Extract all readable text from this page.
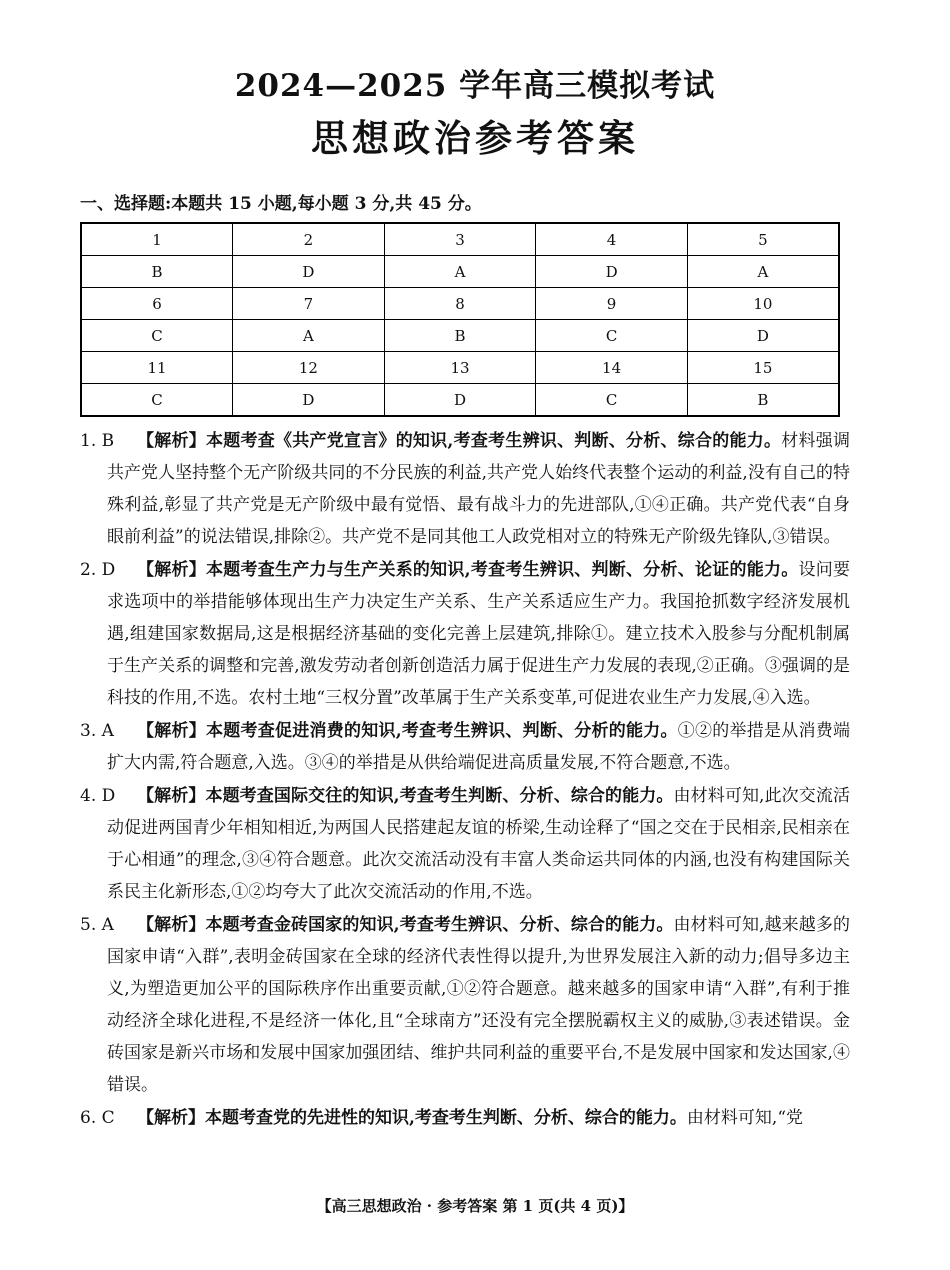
2024—2025 学年高三模拟考试
思想政治参考答案
一、选择题:本题共 15 小题,每小题 3 分,共 45 分。
1	2	3	4	5
B	D	A	D	A
6	7	8	9	10
C	A	B	C	D
11	12	13	14	15
C	D	D	C	B
1. B	【解析】本题考查《共产党宣言》的知识,考查考生辨识、判断、分析、综合的能力。材料强调共产党人坚持整个无产阶级共同的不分民族的利益,共产党人始终代表整个运动的利益,没有自己的特殊利益,彰显了共产党是无产阶级中最有觉悟、最有战斗力的先进部队,①④正确。共产党代表“自身眼前利益”的说法错误,排除②。共产党不是同其他工人政党相对立的特殊无产阶级先锋队,③错误。
2. D	【解析】本题考查生产力与生产关系的知识,考查考生辨识、判断、分析、论证的能力。设问要求选项中的举措能够体现出生产力决定生产关系、生产关系适应生产力。我国抢抓数字经济发展机遇,组建国家数据局,这是根据经济基础的变化完善上层建筑,排除①。建立技术入股参与分配机制属于生产关系的调整和完善,激发劳动者创新创造活力属于促进生产力发展的表现,②正确。③强调的是科技的作用,不选。农村土地“三权分置”改革属于生产关系变革,可促进农业生产力发展,④入选。
3. A	【解析】本题考查促进消费的知识,考查考生辨识、判断、分析的能力。①②的举措是从消费端扩大内需,符合题意,入选。③④的举措是从供给端促进高质量发展,不符合题意,不选。
4. D	【解析】本题考查国际交往的知识,考查考生判断、分析、综合的能力。由材料可知,此次交流活动促进两国青少年相知相近,为两国人民搭建起友谊的桥梁,生动诠释了“国之交在于民相亲,民相亲在于心相通”的理念,③④符合题意。此次交流活动没有丰富人类命运共同体的内涵,也没有构建国际关系民主化新形态,①②均夸大了此次交流活动的作用,不选。
5. A	【解析】本题考查金砖国家的知识,考查考生辨识、分析、综合的能力。由材料可知,越来越多的国家申请“入群”,表明金砖国家在全球的经济代表性得以提升,为世界发展注入新的动力;倡导多边主义,为塑造更加公平的国际秩序作出重要贡献,①②符合题意。越来越多的国家申请“入群”,有利于推动经济全球化进程,不是经济一体化,且“全球南方”还没有完全摆脱霸权主义的威胁,③表述错误。金砖国家是新兴市场和发展中国家加强团结、维护共同利益的重要平台,不是发展中国家和发达国家,④错误。
6. C	【解析】本题考查党的先进性的知识,考查考生判断、分析、综合的能力。由材料可知,“党
【高三思想政治 · 参考答案 第 1 页(共 4 页)】
